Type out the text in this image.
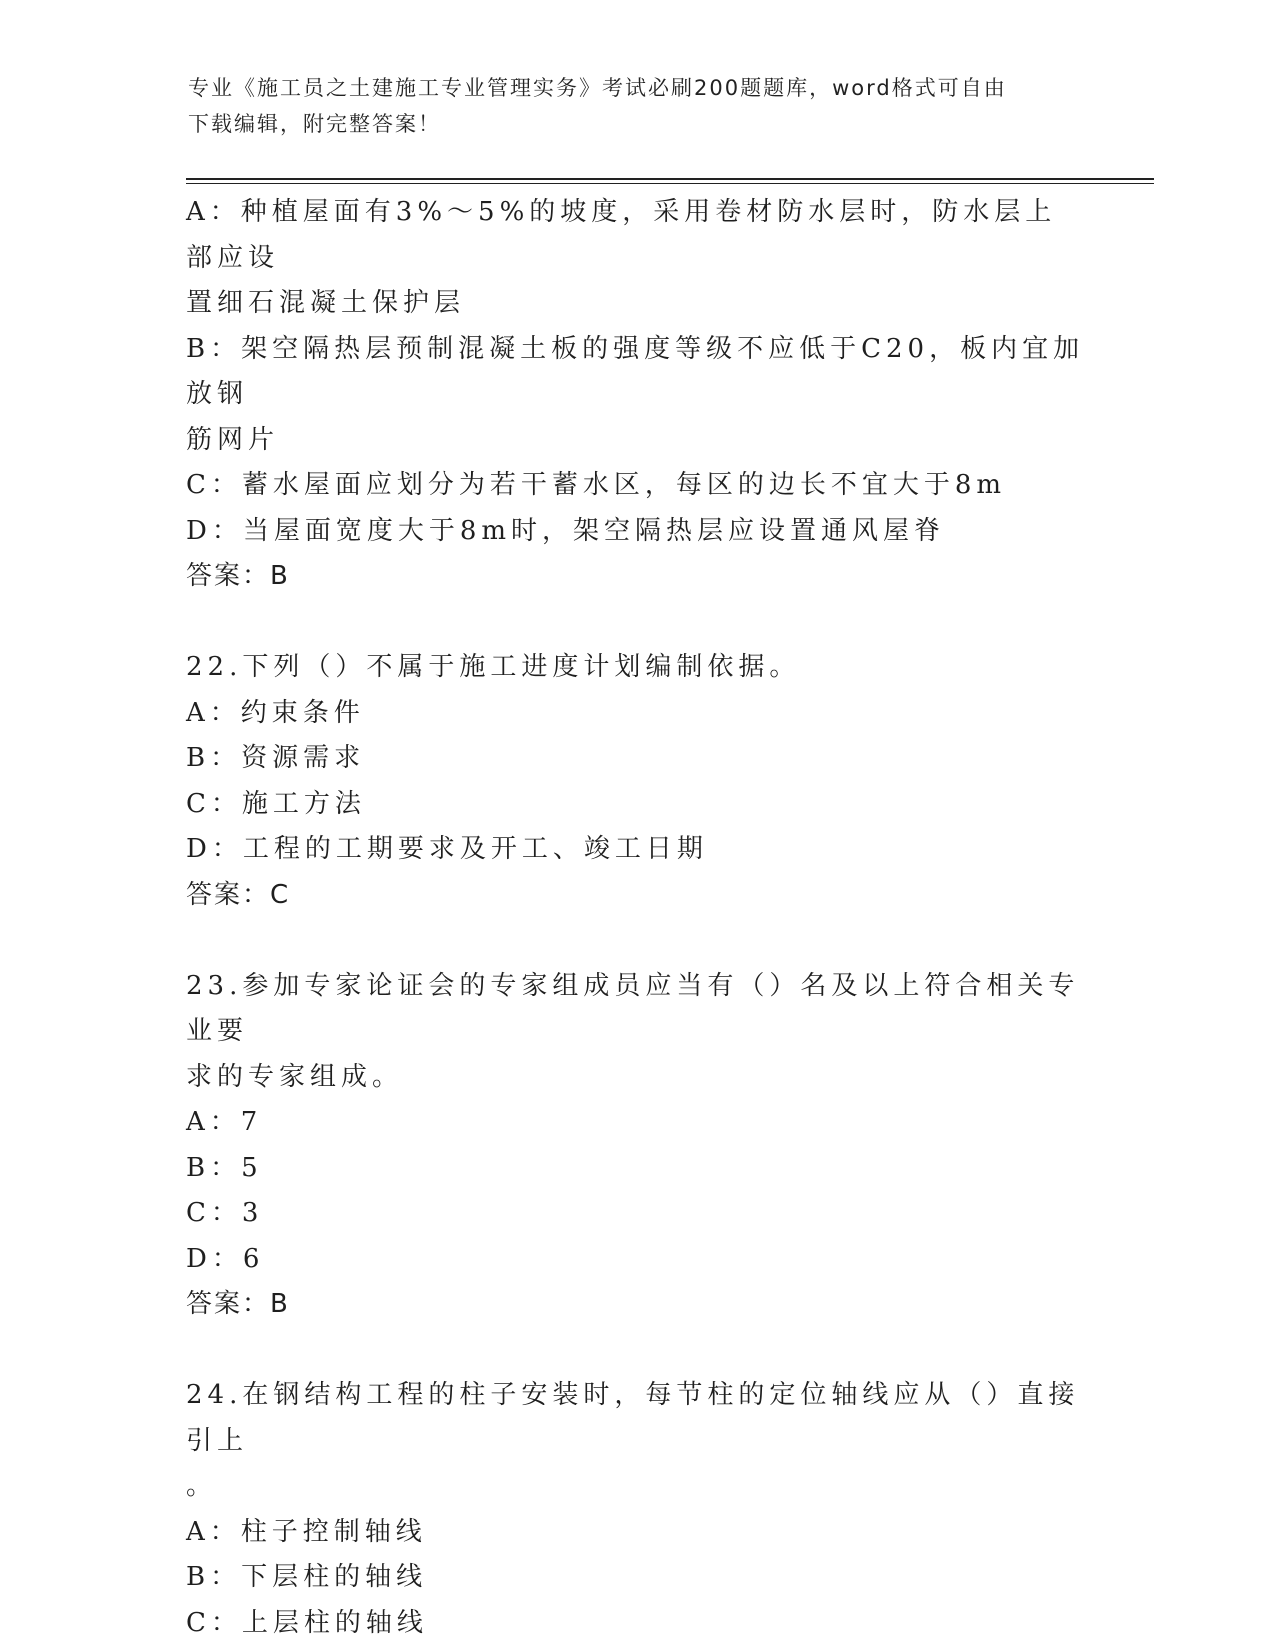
专业《施工员之土建施工专业管理实务》考试必刷200题题库，word格式可自由
下载编辑，附完整答案！
A：种植屋面有3%～5%的坡度，采用卷材防水层时，防水层上部应设
置细石混凝土保护层
B：架空隔热层预制混凝土板的强度等级不应低于C20，板内宜加放钢
筋网片
C：蓄水屋面应划分为若干蓄水区，每区的边长不宜大于8m
D：当屋面宽度大于8m时，架空隔热层应设置通风屋脊
答案：B
22.下列（）不属于施工进度计划编制依据。
A：约束条件
B：资源需求
C：施工方法
D：工程的工期要求及开工、竣工日期
答案：C
23.参加专家论证会的专家组成员应当有（）名及以上符合相关专业要
求的专家组成。
A：7
B：5
C：3
D：6
答案：B
24.在钢结构工程的柱子安装时，每节柱的定位轴线应从（）直接引上
。
A：柱子控制轴线
B：下层柱的轴线
C：上层柱的轴线
